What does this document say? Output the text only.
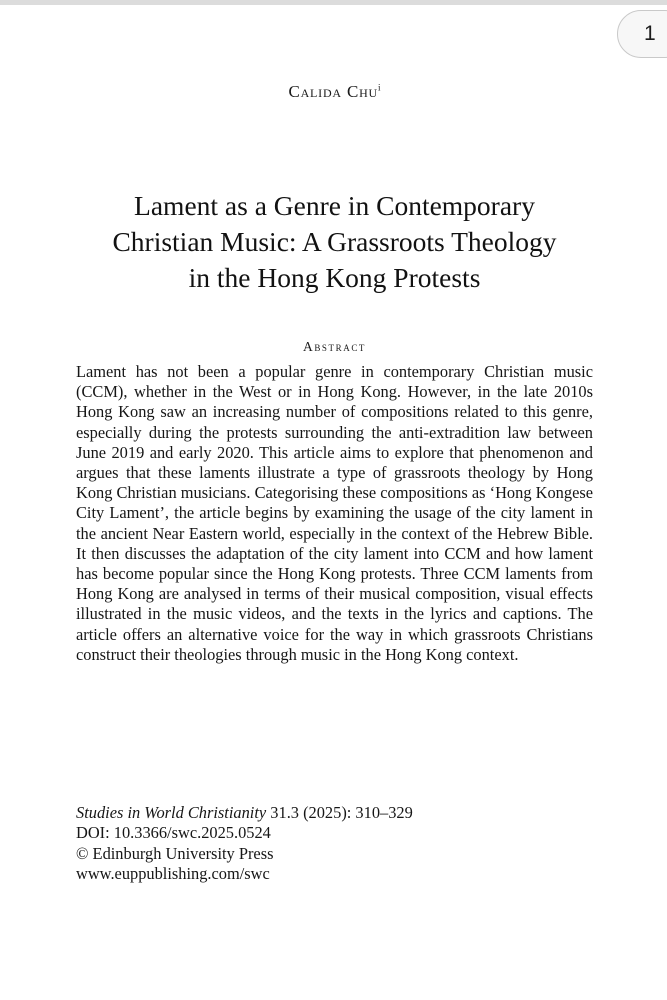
1
Calida Chu$^i$
Lament as a Genre in Contemporary
Christian Music: A Grassroots Theology
in the Hong Kong Protests
Abstract

Lament has not been a popular genre in contemporary Christian music (CCM), whether in the West or in Hong Kong. However, in the late 2010s Hong Kong saw an increasing number of compositions related to this genre, especially during the protests surrounding the anti-extradition law between June 2019 and early 2020. This article aims to explore that phenomenon and argues that these laments illustrate a type of grassroots theology by Hong Kong Christian musicians. Categorising these compositions as ‘Hong Kongese City Lament’, the article begins by examining the usage of the city lament in the ancient Near Eastern world, especially in the context of the Hebrew Bible. It then discusses the adaptation of the city lament into CCM and how lament has become popular since the Hong Kong protests. Three CCM laments from Hong Kong are analysed in terms of their musical composition, visual effects illustrated in the music videos, and the texts in the lyrics and captions. The article offers an alternative voice for the way in which grassroots Christians construct their theologies through music in the Hong Kong context.

Studies in World Christianity 31.3 (2025): 310–329
DOI: 10.3366/swc.2025.0524
© Edinburgh University Press
www.euppublishing.com/swc
